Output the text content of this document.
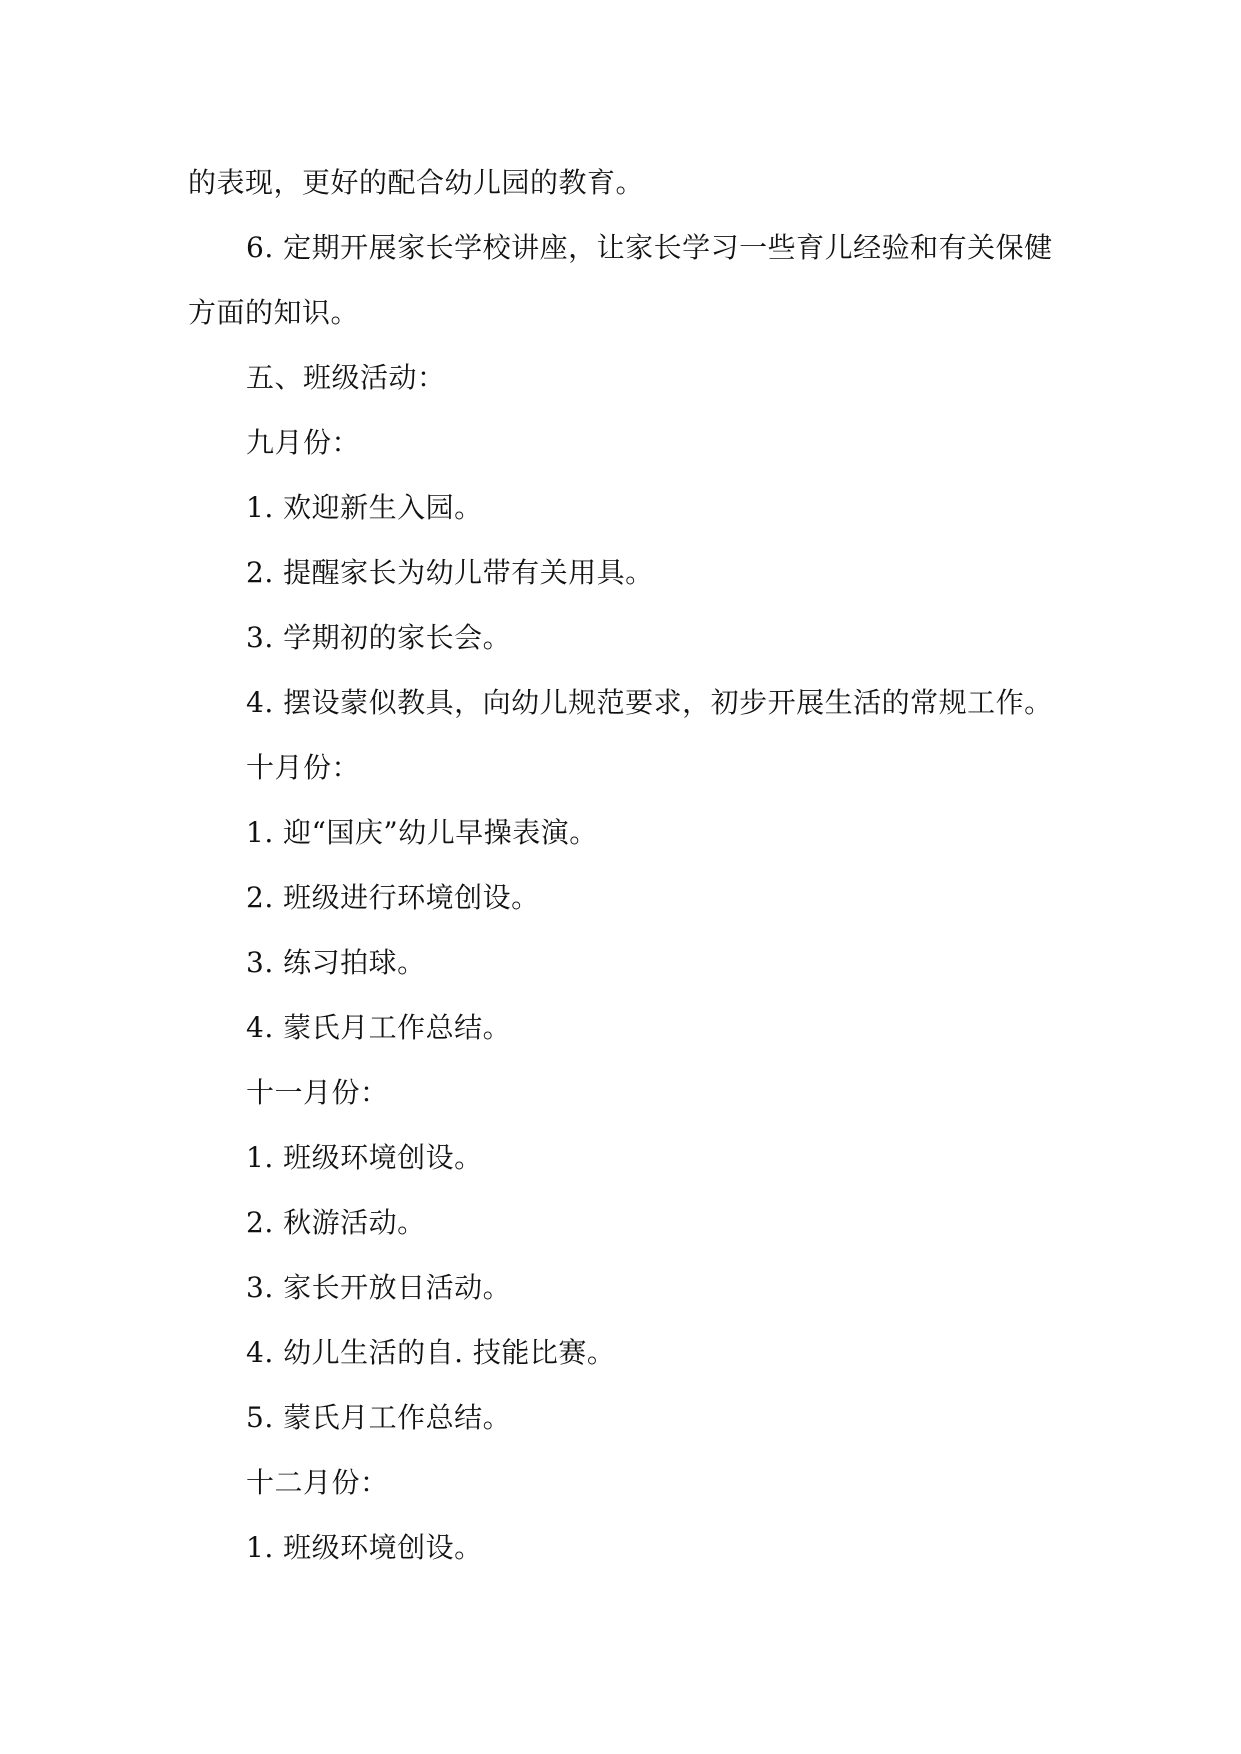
的表现，更好的配合幼儿园的教育。
6. 定期开展家长学校讲座，让家长学习一些育儿经验和有关保健
方面的知识。
五、班级活动：
九月份：
1. 欢迎新生入园。
2. 提醒家长为幼儿带有关用具。
3. 学期初的家长会。
4. 摆设蒙似教具，向幼儿规范要求，初步开展生活的常规工作。
十月份：
1. 迎“国庆”幼儿早操表演。
2. 班级进行环境创设。
3. 练习拍球。
4. 蒙氏月工作总结。
十一月份：
1. 班级环境创设。
2. 秋游活动。
3. 家长开放日活动。
4. 幼儿生活的自. 技能比赛。
5. 蒙氏月工作总结。
十二月份：
1. 班级环境创设。
